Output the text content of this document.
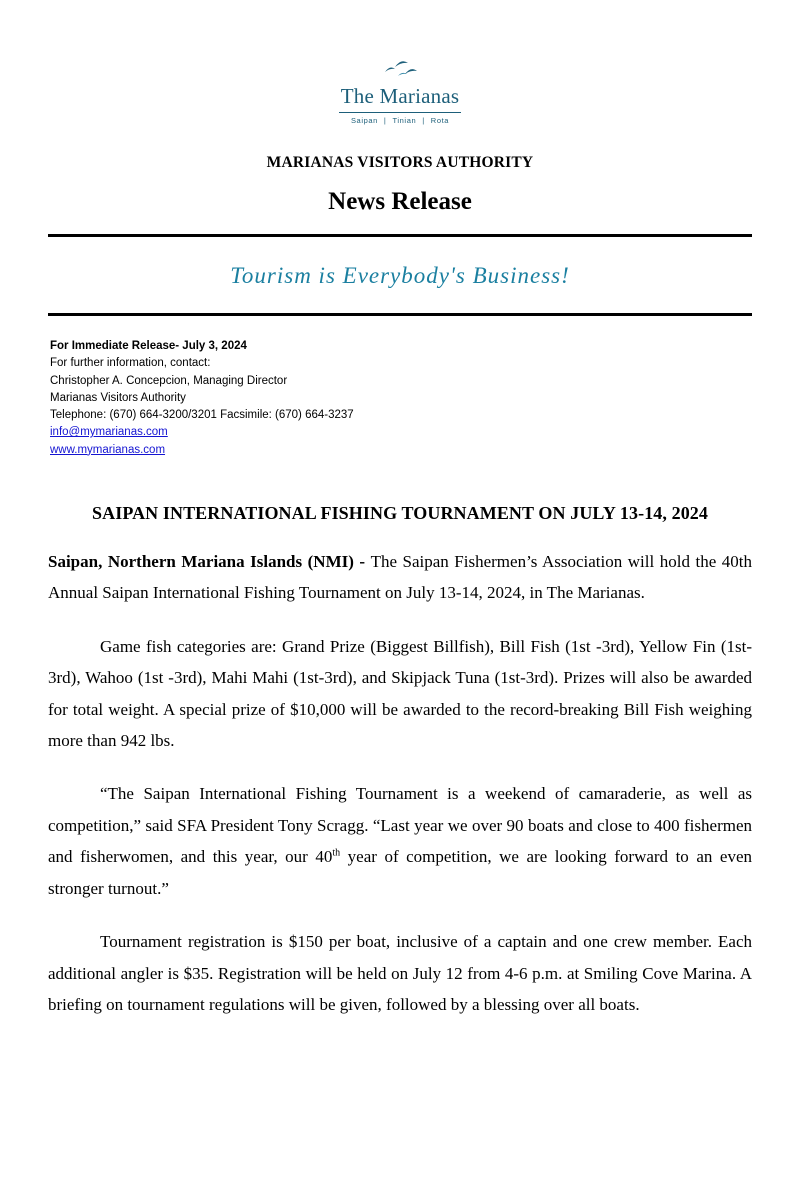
The Marianas
Saipan | Tinian | Rota
MARIANAS VISITORS AUTHORITY
News Release
Tourism is Everybody's Business!
For Immediate Release- July 3, 2024
For further information, contact:
Christopher A. Concepcion, Managing Director
Marianas Visitors Authority
Telephone: (670) 664-3200/3201 Facsimile: (670) 664-3237
info@mymarianas.com
www.mymarianas.com
SAIPAN INTERNATIONAL FISHING TOURNAMENT ON JULY 13-14, 2024

Saipan, Northern Mariana Islands (NMI) - The Saipan Fishermen’s Association will hold the 40th Annual Saipan International Fishing Tournament on July 13-14, 2024, in The Marianas.

Game fish categories are: Grand Prize (Biggest Billfish), Bill Fish (1st -3rd), Yellow Fin (1st-3rd), Wahoo (1st -3rd), Mahi Mahi (1st-3rd), and Skipjack Tuna (1st-3rd). Prizes will also be awarded for total weight. A special prize of $10,000 will be awarded to the record-breaking Bill Fish weighing more than 942 lbs.

“The Saipan International Fishing Tournament is a weekend of camaraderie, as well as competition,” said SFA President Tony Scragg. “Last year we over 90 boats and close to 400 fishermen and fisherwomen, and this year, our 40th year of competition, we are looking forward to an even stronger turnout.”

Tournament registration is $150 per boat, inclusive of a captain and one crew member. Each additional angler is $35. Registration will be held on July 12 from 4-6 p.m. at Smiling Cove Marina. A briefing on tournament regulations will be given, followed by a blessing over all boats.
